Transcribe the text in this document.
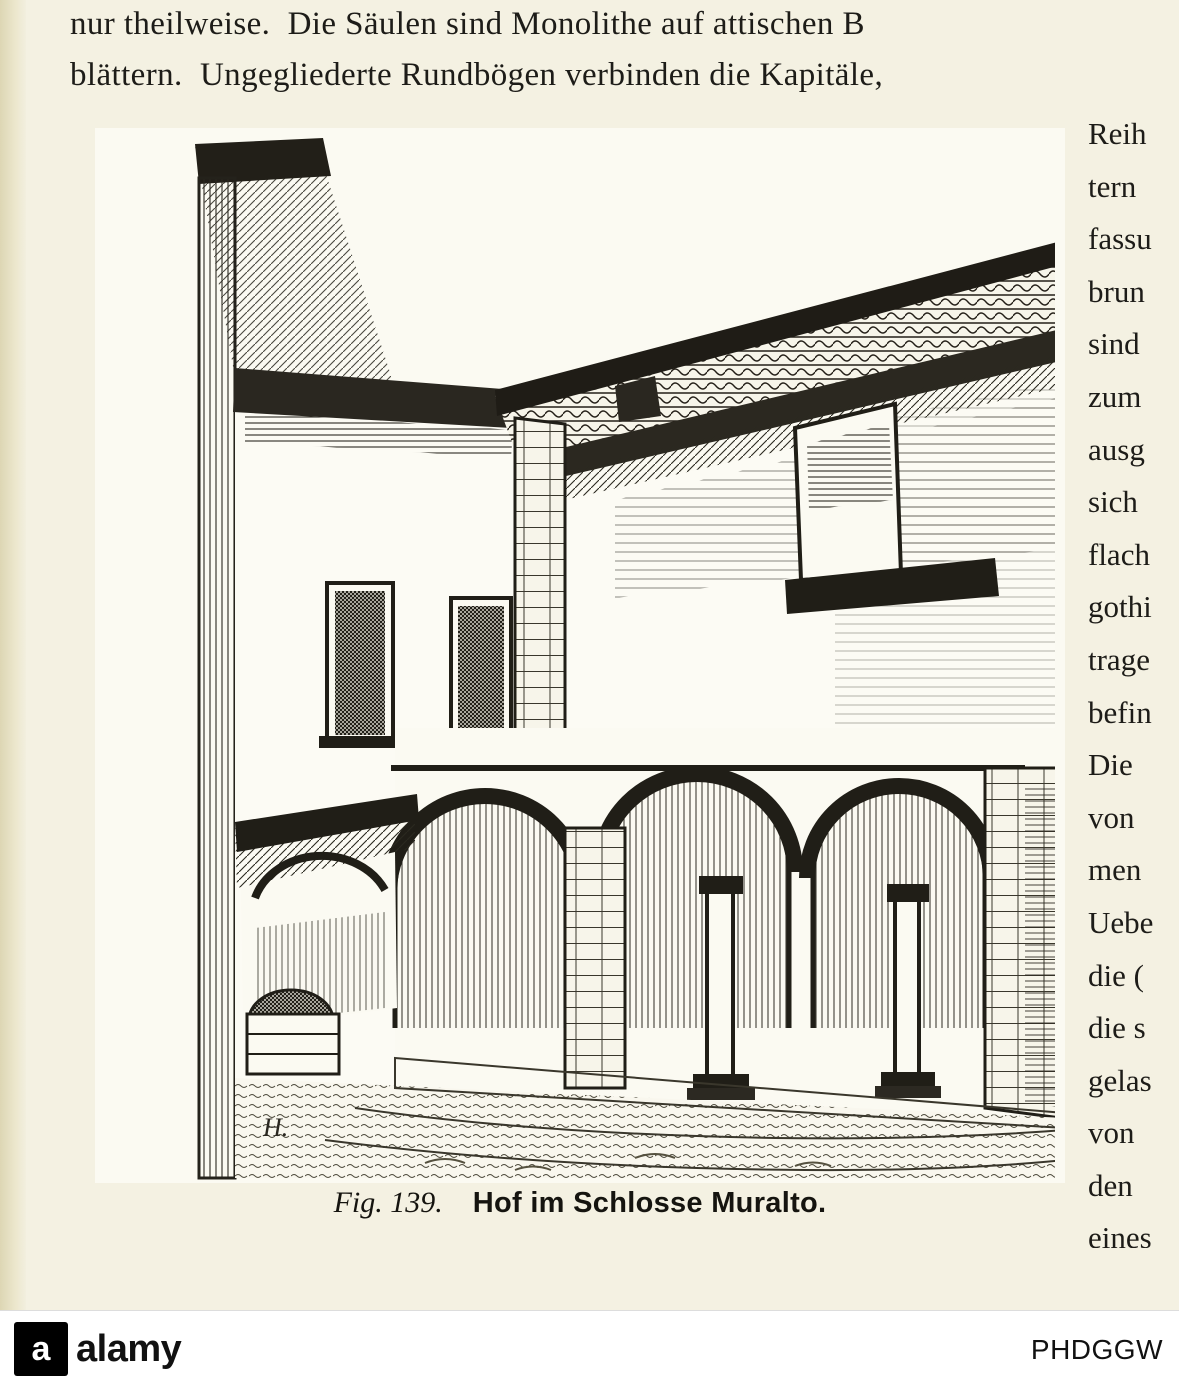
nur theilweise.  Die Säulen sind Monolithe auf attischen B
blättern.  Ungegliederte Rundbögen verbinden die Kapitäle,
Reih
tern
fassu
brun
sind
zum
ausg
sich
flach
gothi
trage
befin
Die
von
men
Uebe
die (
die s
gelas
von
den
eines
H.
Fig. 139. Hof im Schlosse Muralto.
a alamy	PHDGGW
